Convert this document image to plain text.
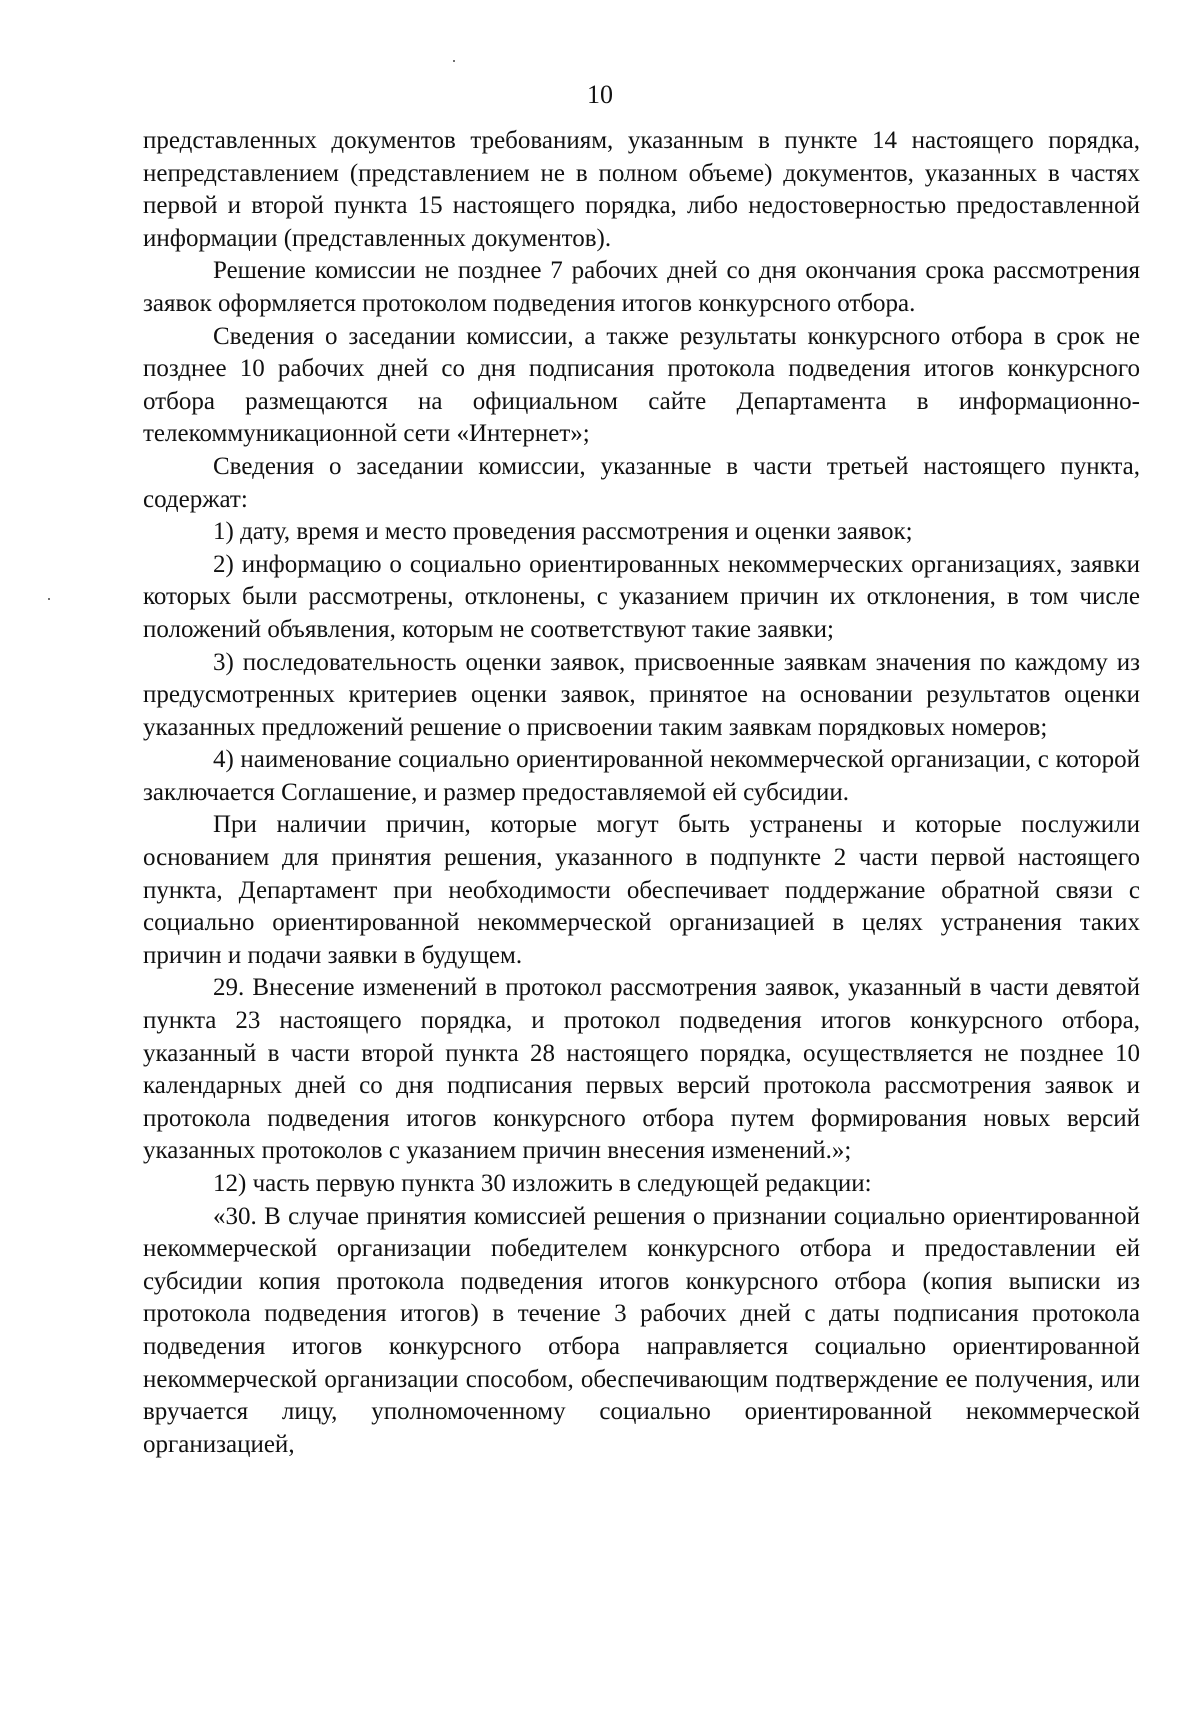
10

представленных документов требованиям, указанным в пункте 14 настоящего порядка, непредставлением (представлением не в полном объеме) документов, указанных в частях первой и второй пункта 15 настоящего порядка, либо недостоверностью предоставленной информации (представленных документов).

Решение комиссии не позднее 7 рабочих дней со дня окончания срока рассмотрения заявок оформляется протоколом подведения итогов конкурсного отбора.

Сведения о заседании комиссии, а также результаты конкурсного отбора в срок не позднее 10 рабочих дней со дня подписания протокола подведения итогов конкурсного отбора размещаются на официальном сайте Департамента в информационно-телекоммуникационной сети «Интернет»;

Сведения о заседании комиссии, указанные в части третьей настоящего пункта, содержат:

1) дату, время и место проведения рассмотрения и оценки заявок;

2) информацию о социально ориентированных некоммерческих организациях, заявки которых были рассмотрены, отклонены, с указанием причин их отклонения, в том числе положений объявления, которым не соответствуют такие заявки;

3) последовательность оценки заявок, присвоенные заявкам значения по каждому из предусмотренных критериев оценки заявок, принятое на основании результатов оценки указанных предложений решение о присвоении таким заявкам порядковых номеров;

4) наименование социально ориентированной некоммерческой организации, с которой заключается Соглашение, и размер предоставляемой ей субсидии.

При наличии причин, которые могут быть устранены и которые послужили основанием для принятия решения, указанного в подпункте 2 части первой настоящего пункта, Департамент при необходимости обеспечивает поддержание обратной связи с социально ориентированной некоммерческой организацией в целях устранения таких причин и подачи заявки в будущем.

29. Внесение изменений в протокол рассмотрения заявок, указанный в части девятой пункта 23 настоящего порядка, и протокол подведения итогов конкурсного отбора, указанный в части второй пункта 28 настоящего порядка, осуществляется не позднее 10 календарных дней со дня подписания первых версий протокола рассмотрения заявок и протокола подведения итогов конкурсного отбора путем формирования новых версий указанных протоколов с указанием причин внесения изменений.»;

12) часть первую пункта 30 изложить в следующей редакции:

«30. В случае принятия комиссией решения о признании социально ориентированной некоммерческой организации победителем конкурсного отбора и предоставлении ей субсидии копия протокола подведения итогов конкурсного отбора (копия выписки из протокола подведения итогов) в течение 3 рабочих дней с даты подписания протокола подведения итогов конкурсного отбора направляется социально ориентированной некоммерческой организации способом, обеспечивающим подтверждение ее получения, или вручается лицу, уполномоченному социально ориентированной некоммерческой организацией,
